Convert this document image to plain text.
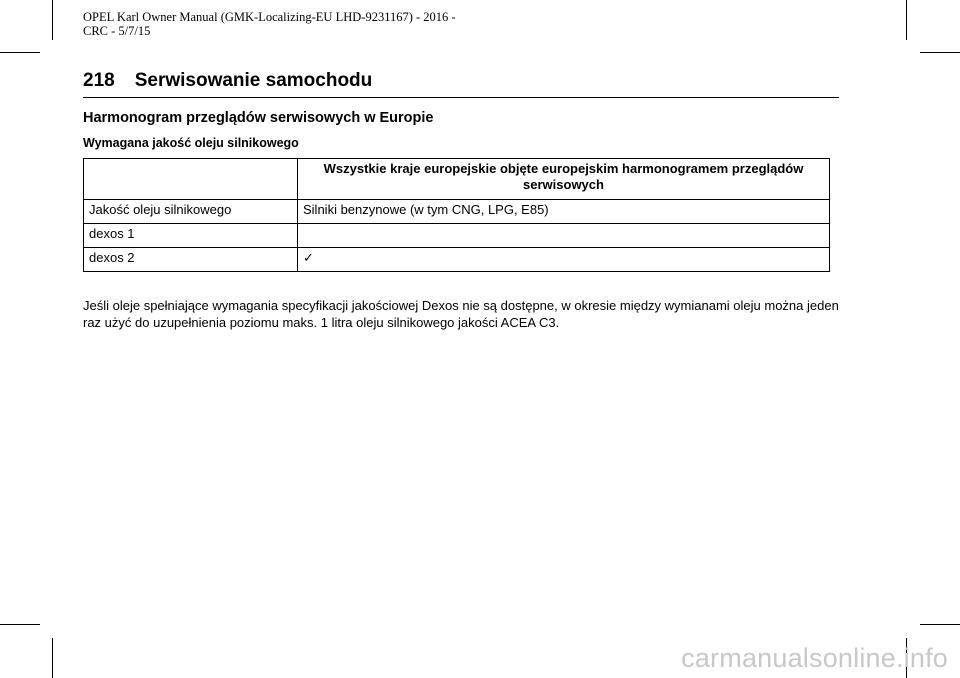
OPEL Karl Owner Manual (GMK-Localizing-EU LHD-9231167) - 2016 -
CRC - 5/7/15
218 Serwisowanie samochodu
Harmonogram przeglądów serwisowych w Europie
Wymagana jakość oleju silnikowego
	Wszystkie kraje europejskie objęte europejskim harmonogramem przeglądów serwisowych
Jakość oleju silnikowego	Silniki benzynowe (w tym CNG, LPG, E85)
dexos 1	
dexos 2	✓

Jeśli oleje spełniające wymagania specyfikacji jakościowej Dexos nie są dostępne, w okresie między wymianami oleju można jeden raz użyć do uzupełnienia poziomu maks. 1 litra oleju silnikowego jakości ACEA C3.

carmanualsonline.info
